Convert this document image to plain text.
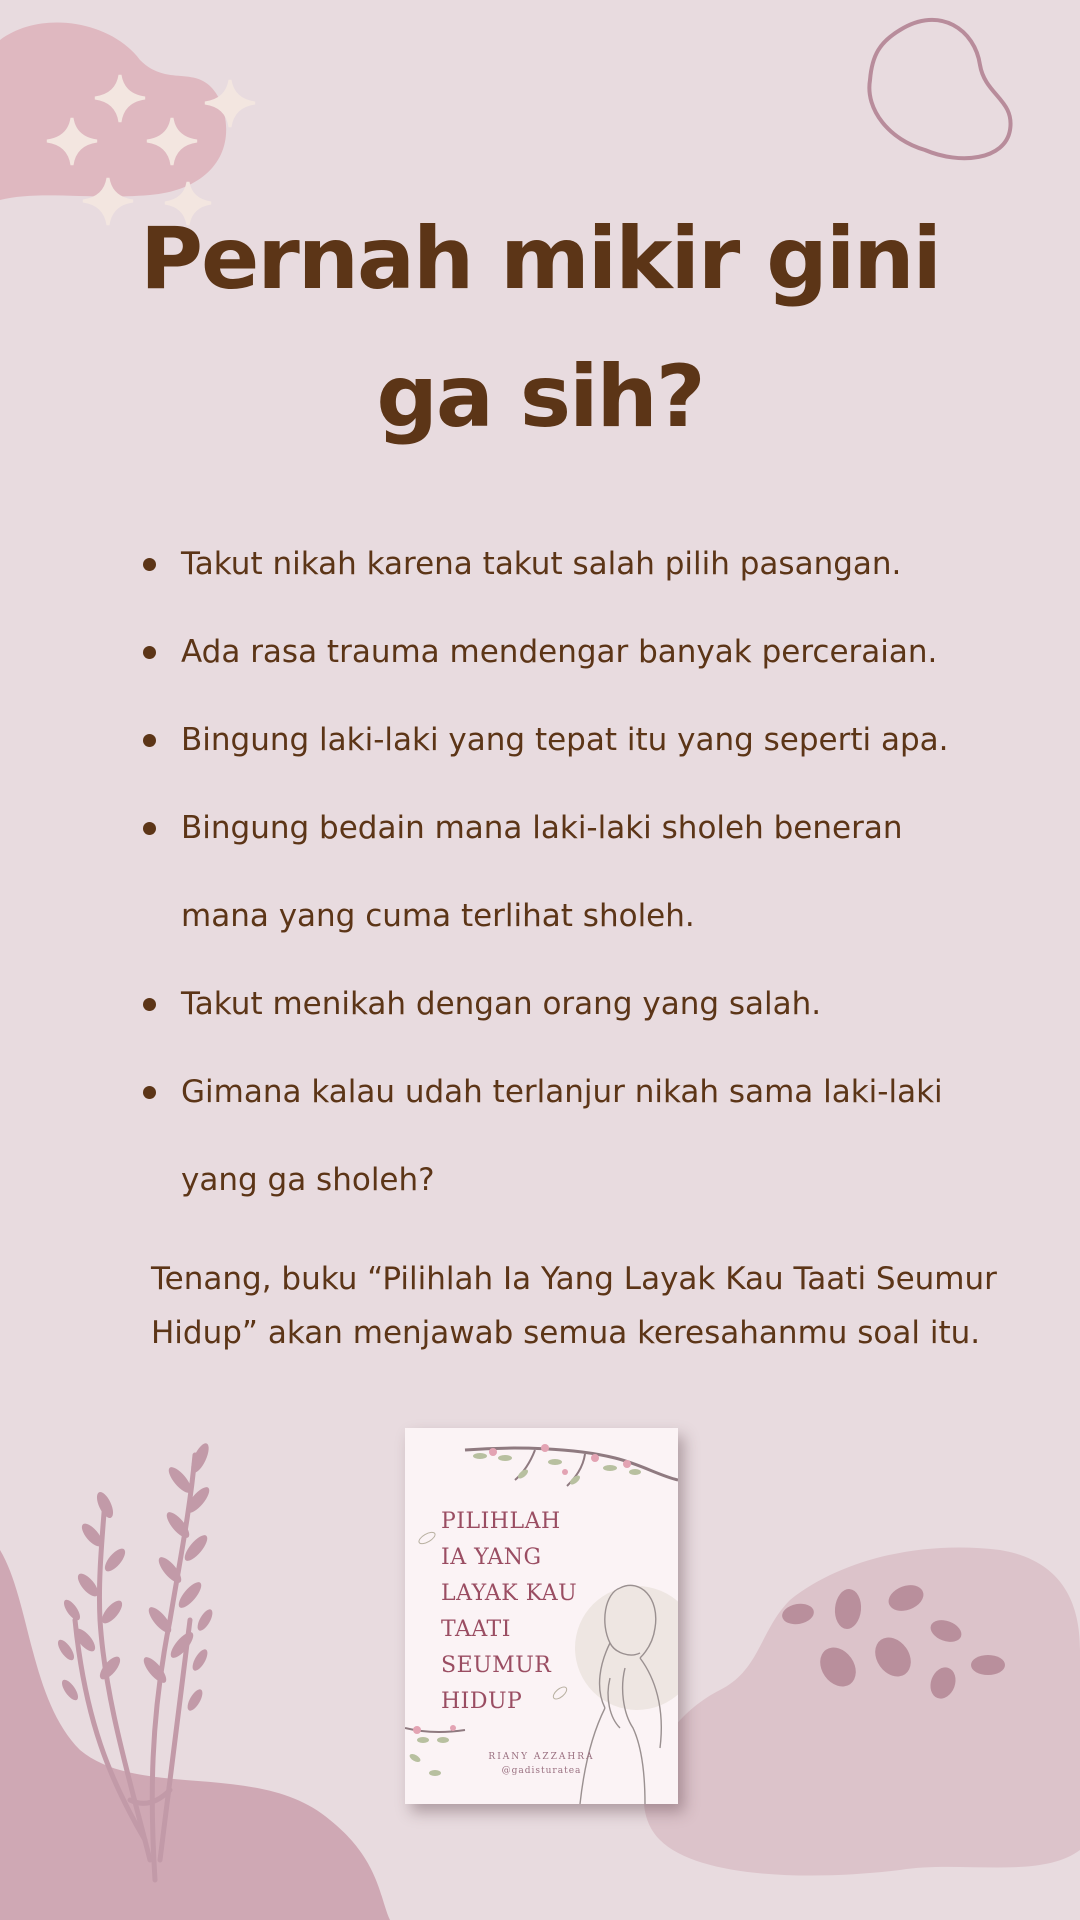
Pernah mikir gini
ga sih?
Takut nikah karena takut salah pilih pasangan.
Ada rasa trauma mendengar banyak perceraian.
Bingung laki-laki yang tepat itu yang seperti apa.
Bingung bedain mana laki-laki sholeh beneran mana yang cuma terlihat sholeh.
Takut menikah dengan orang yang salah.
Gimana kalau udah terlanjur nikah sama laki-laki yang ga sholeh?
Tenang, buku “Pilihlah Ia Yang Layak Kau Taati Seumur Hidup” akan menjawab semua keresahanmu soal itu.
PILIHLAH
IA YANG
LAYAK KAU
TAATI
SEUMUR
HIDUP
RIANY AZZAHRA
@gadisturatea
